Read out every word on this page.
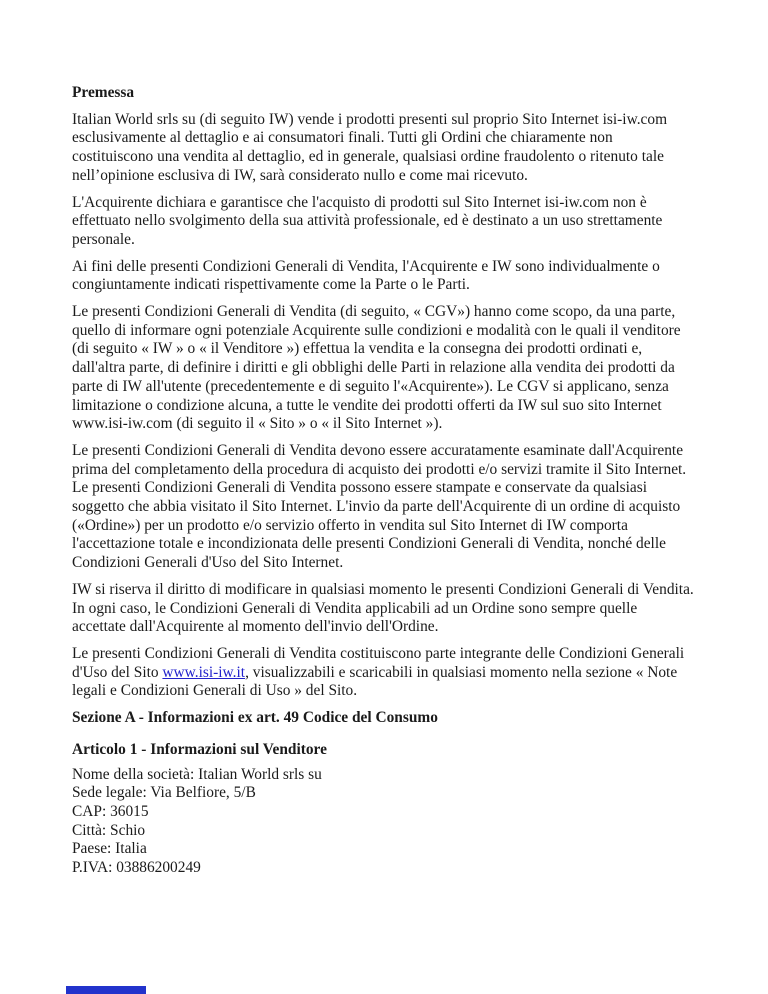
Premessa

Italian World srls su (di seguito IW) vende i prodotti presenti sul proprio Sito Internet isi-iw.com esclusivamente al dettaglio e ai consumatori finali. Tutti gli Ordini che chiaramente non costituiscono una vendita al dettaglio, ed in generale, qualsiasi ordine fraudolento o ritenuto tale nell’opinione esclusiva di IW, sarà considerato nullo e come mai ricevuto.

L'Acquirente dichiara e garantisce che l'acquisto di prodotti sul Sito Internet isi-iw.com non è effettuato nello svolgimento della sua attività professionale, ed è destinato a un uso strettamente personale.

Ai fini delle presenti Condizioni Generali di Vendita, l'Acquirente e IW sono individualmente o congiuntamente indicati rispettivamente come la Parte o le Parti.

Le presenti Condizioni Generali di Vendita (di seguito, « CGV») hanno come scopo, da una parte, quello di informare ogni potenziale Acquirente sulle condizioni e modalità con le quali il venditore (di seguito « IW » o « il Venditore ») effettua la vendita e la consegna dei prodotti ordinati e, dall'altra parte, di definire i diritti e gli obblighi delle Parti in relazione alla vendita dei prodotti da parte di IW all'utente (precedentemente e di seguito l'«Acquirente»). Le CGV si applicano, senza limitazione o condizione alcuna, a tutte le vendite dei prodotti offerti da IW sul suo sito Internet www.isi-iw.com (di seguito il « Sito » o « il Sito Internet »).

Le presenti Condizioni Generali di Vendita devono essere accuratamente esaminate dall'Acquirente prima del completamento della procedura di acquisto dei prodotti e/o servizi tramite il Sito Internet. Le presenti Condizioni Generali di Vendita possono essere stampate e conservate da qualsiasi soggetto che abbia visitato il Sito Internet. L'invio da parte dell'Acquirente di un ordine di acquisto («Ordine») per un prodotto e/o servizio offerto in vendita sul Sito Internet di IW comporta l'accettazione totale e incondizionata delle presenti Condizioni Generali di Vendita, nonché delle Condizioni Generali d'Uso del Sito Internet.

IW si riserva il diritto di modificare in qualsiasi momento le presenti Condizioni Generali di Vendita. In ogni caso, le Condizioni Generali di Vendita applicabili ad un Ordine sono sempre quelle accettate dall'Acquirente al momento dell'invio dell'Ordine.

Le presenti Condizioni Generali di Vendita costituiscono parte integrante delle Condizioni Generali d'Uso del Sito www.isi-iw.it, visualizzabili e scaricabili in qualsiasi momento nella sezione « Note legali e Condizioni Generali di Uso » del Sito.

Sezione A - Informazioni ex art. 49 Codice del Consumo
Articolo 1 - Informazioni sul Venditore
Nome della società: Italian World srls su
Sede legale: Via Belfiore, 5/B
CAP: 36015
Città: Schio
Paese: Italia
P.IVA: 03886200249
